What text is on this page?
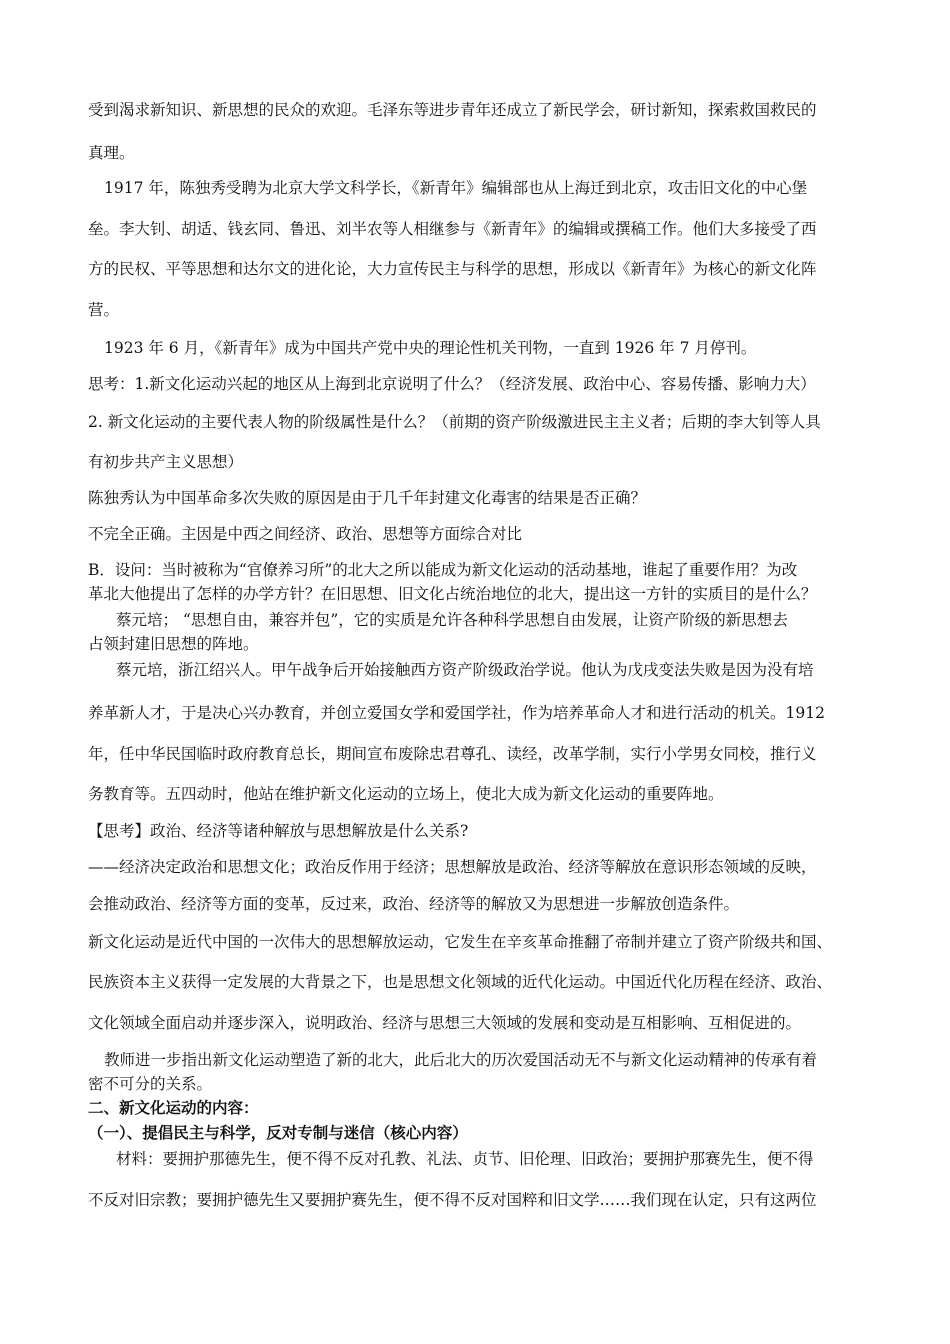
受到渴求新知识、新思想的民众的欢迎。毛泽东等进步青年还成立了新民学会，研讨新知，探索救国救民的
真理。
1917 年，陈独秀受聘为北京大学文科学长，《新青年》编辑部也从上海迁到北京，攻击旧文化的中心堡
垒。李大钊、胡适、钱玄同、鲁迅、刘半农等人相继参与《新青年》的编辑或撰稿工作。他们大多接受了西
方的民权、平等思想和达尔文的进化论，大力宣传民主与科学的思想，形成以《新青年》为核心的新文化阵
营。
1923 年 6 月，《新青年》成为中国共产党中央的理论性机关刊物，一直到 1926 年 7 月停刊。
思考：1.新文化运动兴起的地区从上海到北京说明了什么？（经济发展、政治中心、容易传播、影响力大）
2. 新文化运动的主要代表人物的阶级属性是什么？（前期的资产阶级激进民主主义者；后期的李大钊等人具
有初步共产主义思想）
陈独秀认为中国革命多次失败的原因是由于几千年封建文化毒害的结果是否正确？
不完全正确。主因是中西之间经济、政治、思想等方面综合对比
B．设问：当时被称为“官僚养习所”的北大之所以能成为新文化运动的活动基地，谁起了重要作用？为改
革北大他提出了怎样的办学方针？在旧思想、旧文化占统治地位的北大，提出这一方针的实质目的是什么？
蔡元培； “思想自由，兼容并包”，它的实质是允许各种科学思想自由发展，让资产阶级的新思想去
占领封建旧思想的阵地。
蔡元培，浙江绍兴人。甲午战争后开始接触西方资产阶级政治学说。他认为戊戌变法失败是因为没有培
养革新人才，于是决心兴办教育，并创立爱国女学和爱国学社，作为培养革命人才和进行活动的机关。1912
年，任中华民国临时政府教育总长，期间宣布废除忠君尊孔、读经，改革学制，实行小学男女同校，推行义
务教育等。五四动时，他站在维护新文化运动的立场上，使北大成为新文化运动的重要阵地。
【思考】政治、经济等诸种解放与思想解放是什么关系?
——经济决定政治和思想文化；政治反作用于经济；思想解放是政治、经济等解放在意识形态领域的反映，
会推动政治、经济等方面的变革，反过来，政治、经济等的解放又为思想进一步解放创造条件。
新文化运动是近代中国的一次伟大的思想解放运动，它发生在辛亥革命推翻了帝制并建立了资产阶级共和国、
民族资本主义获得一定发展的大背景之下，也是思想文化领域的近代化运动。中国近代化历程在经济、政治、
文化领域全面启动并逐步深入，说明政治、经济与思想三大领域的发展和变动是互相影响、互相促进的。
教师进一步指出新文化运动塑造了新的北大，此后北大的历次爱国活动无不与新文化运动精神的传承有着
密不可分的关系。
二、新文化运动的内容：
（一）、提倡民主与科学，反对专制与迷信（核心内容）
材料：要拥护那德先生，便不得不反对孔教、礼法、贞节、旧伦理、旧政治；要拥护那赛先生，便不得
不反对旧宗教；要拥护德先生又要拥护赛先生，便不得不反对国粹和旧文学……我们现在认定，只有这两位
